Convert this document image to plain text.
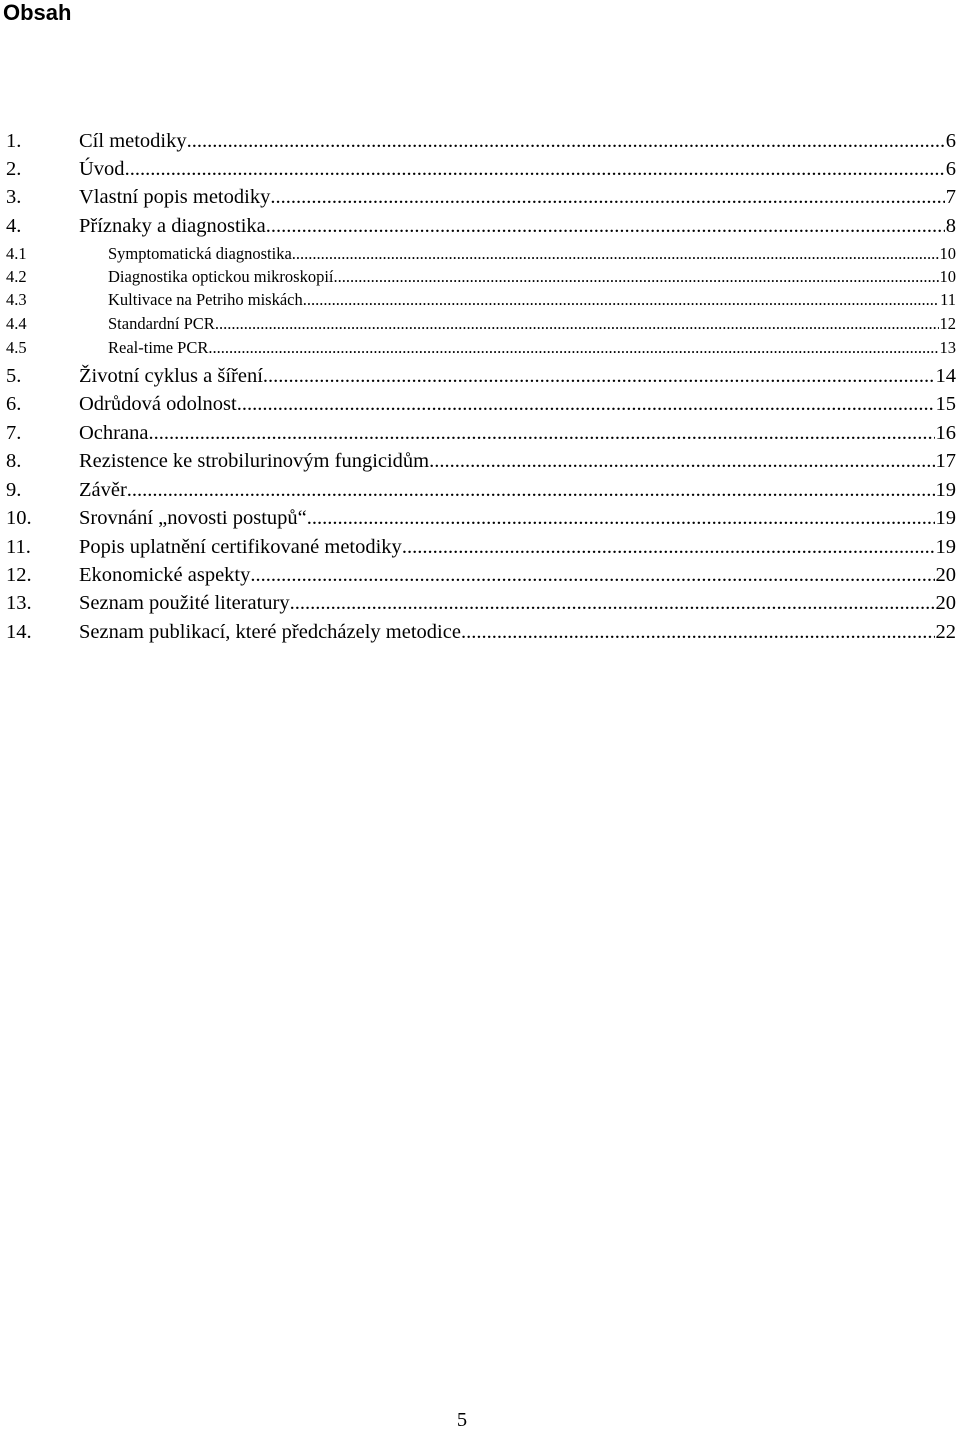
Obsah
1.	Cíl metodiky .....	6
2.	Úvod .....	6
3.	Vlastní popis metodiky .....	7
4.	Příznaky a diagnostika .....	8
4.1	Symptomatická diagnostika .....	10
4.2	Diagnostika optickou mikroskopií .....	10
4.3	Kultivace na Petriho miskách .....	11
4.4	Standardní PCR .....	12
4.5	Real-time PCR .....	13
5.	Životní cyklus a šíření .....	14
6.	Odrůdová odolnost .....	15
7.	Ochrana .....	16
8.	Rezistence ke strobilurinovým fungicidům .....	17
9.	Závěr .....	19
10.	Srovnání „novosti postupů“ .....	19
11.	Popis uplatnění certifikované metodiky .....	19
12.	Ekonomické aspekty .....	20
13.	Seznam použité literatury .....	20
14.	Seznam publikací, které předcházely metodice .....	22
5
